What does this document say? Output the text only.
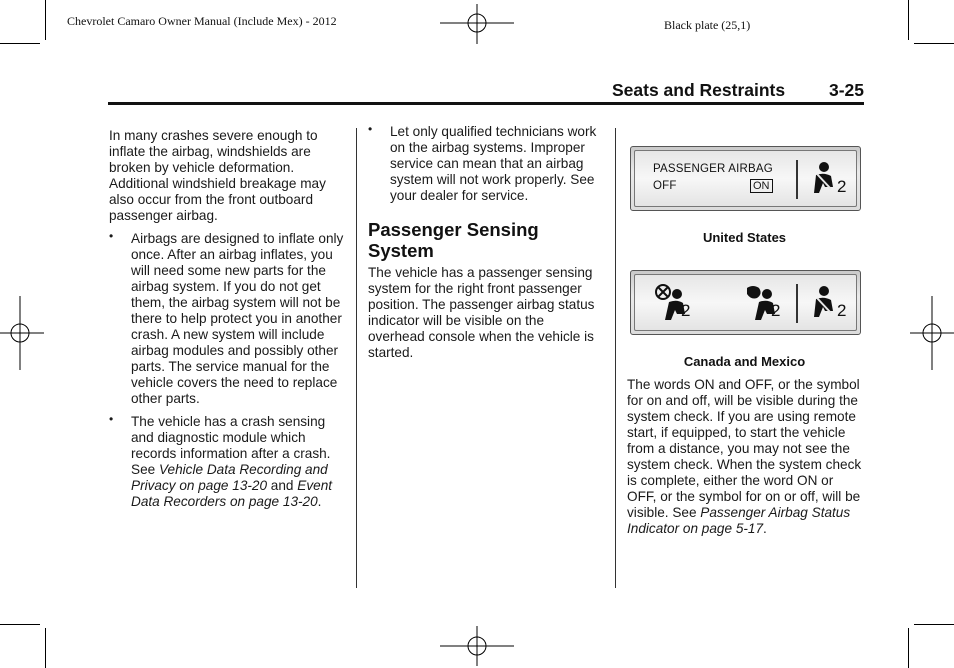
Chevrolet Camaro Owner Manual (Include Mex) - 2012	Black plate (25,1)
Seats and Restraints	3-25

In many crashes severe enough to inflate the airbag, windshields are broken by vehicle deformation. Additional windshield breakage may also occur from the front outboard passenger airbag.

• Airbags are designed to inflate only once. After an airbag inflates, you will need some new parts for the airbag system. If you do not get them, the airbag system will not be there to help protect you in another crash. A new system will include airbag modules and possibly other parts. The service manual for the vehicle covers the need to replace other parts.
• The vehicle has a crash sensing and diagnostic module which records information after a crash. See Vehicle Data Recording and Privacy on page 13-20 and Event Data Recorders on page 13-20.
• Let only qualified technicians work on the airbag systems. Improper service can mean that an airbag system will not work properly. See your dealer for service.
Passenger Sensing System

The vehicle has a passenger sensing system for the right front passenger position. The passenger airbag status indicator will be visible on the overhead console when the vehicle is started.

PASSENGER AIRBAG
OFF	ON	2
United States
2	2	2
Canada and Mexico
The words ON and OFF, or the symbol for on and off, will be visible during the system check. If you are using remote start, if equipped, to start the vehicle from a distance, you may not see the system check. When the system check is complete, either the word ON or OFF, or the symbol for on or off, will be visible. See Passenger Airbag Status Indicator on page 5-17.
